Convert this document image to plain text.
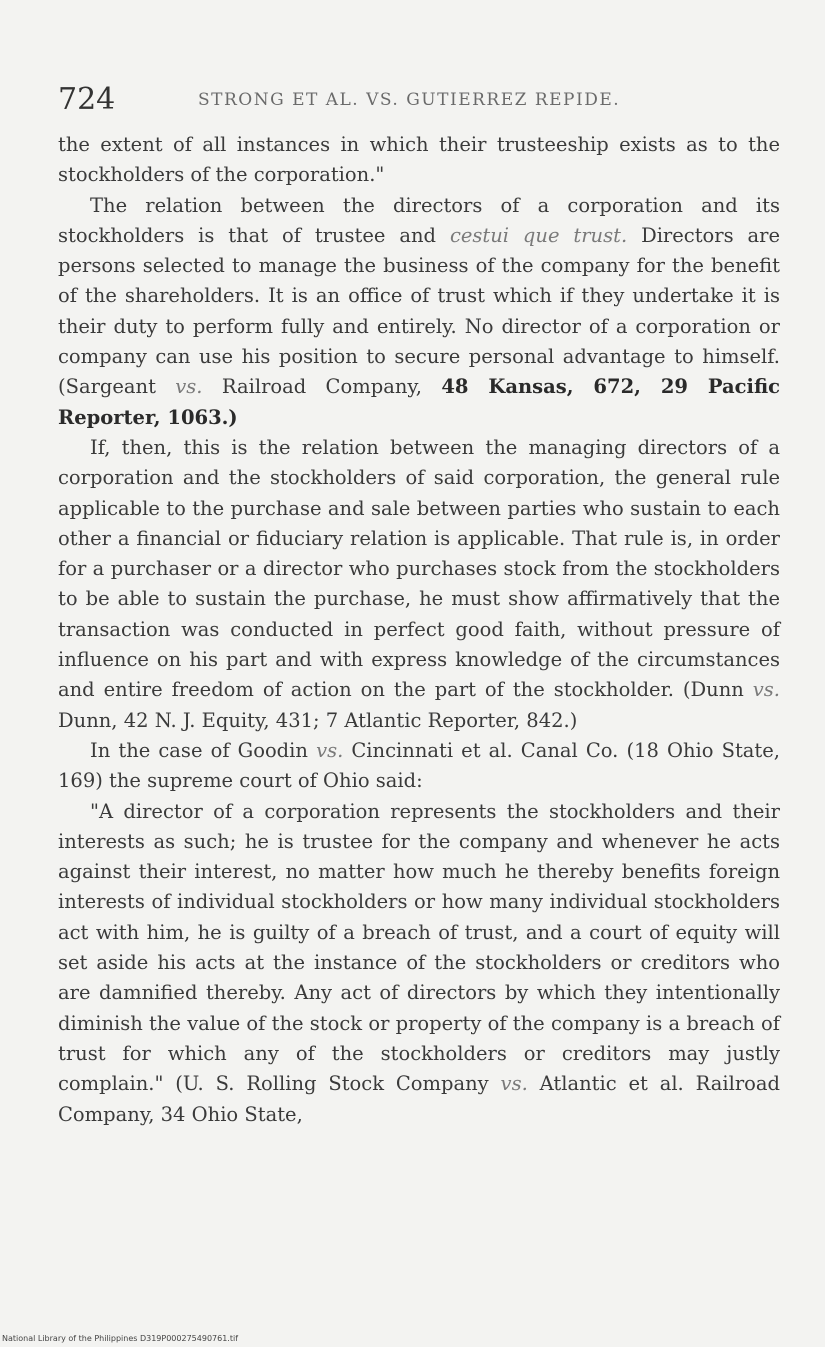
724	STRONG ET AL. VS. GUTIERREZ REPIDE.

the extent of all instances in which their trusteeship exists as to the stockholders of the corporation."

The relation between the directors of a corporation and its stockholders is that of trustee and cestui que trust. Directors are persons selected to manage the business of the company for the benefit of the shareholders. It is an office of trust which if they undertake it is their duty to perform fully and entirely. No director of a corporation or company can use his position to secure personal advantage to himself. (Sargeant vs. Railroad Company, 48 Kansas, 672, 29 Pacific Reporter, 1063.)

If, then, this is the relation between the managing directors of a corporation and the stockholders of said corporation, the general rule applicable to the purchase and sale between parties who sustain to each other a financial or fiduciary relation is applicable. That rule is, in order for a purchaser or a director who purchases stock from the stockholders to be able to sustain the purchase, he must show affirmatively that the transaction was conducted in perfect good faith, without pressure of influence on his part and with express knowledge of the circumstances and entire freedom of action on the part of the stockholder. (Dunn vs. Dunn, 42 N. J. Equity, 431; 7 Atlantic Reporter, 842.)

In the case of Goodin vs. Cincinnati et al. Canal Co. (18 Ohio State, 169) the supreme court of Ohio said:

"A director of a corporation represents the stockholders and their interests as such; he is trustee for the company and whenever he acts against their interest, no matter how much he thereby benefits foreign interests of individual stockholders or how many individual stockholders act with him, he is guilty of a breach of trust, and a court of equity will set aside his acts at the instance of the stockholders or creditors who are damnified thereby. Any act of directors by which they intentionally diminish the value of the stock or property of the company is a breach of trust for which any of the stockholders or creditors may justly complain." (U. S. Rolling Stock Company vs. Atlantic et al. Railroad Company, 34 Ohio State,

National Library of the Philippines D319P000275490761.tif
